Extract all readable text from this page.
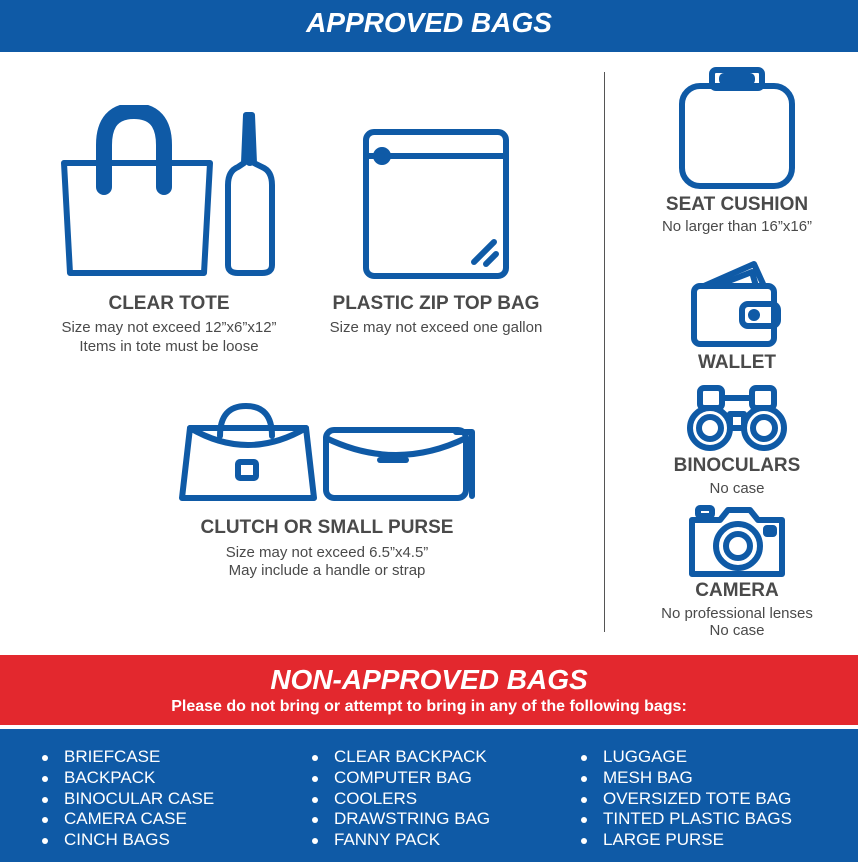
APPROVED BAGS
CLEAR TOTE
Size may not exceed 12”x6”x12”
Items in tote must be loose
PLASTIC ZIP TOP BAG
Size may not exceed one gallon
CLUTCH OR SMALL PURSE
Size may not exceed 6.5”x4.5”
May include a handle or strap
SEAT CUSHION
No larger than 16”x16”
WALLET
BINOCULARS
No case
CAMERA
No professional lenses
No case
NON-APPROVED BAGS
Please do not bring or attempt to bring in any of the following bags:
BRIEFCASE
BACKPACK
BINOCULAR CASE
CAMERA CASE
CINCH BAGS
CLEAR BACKPACK
COMPUTER BAG
COOLERS
DRAWSTRING BAG
FANNY PACK
LUGGAGE
MESH BAG
OVERSIZED TOTE BAG
TINTED PLASTIC BAGS
LARGE PURSE
